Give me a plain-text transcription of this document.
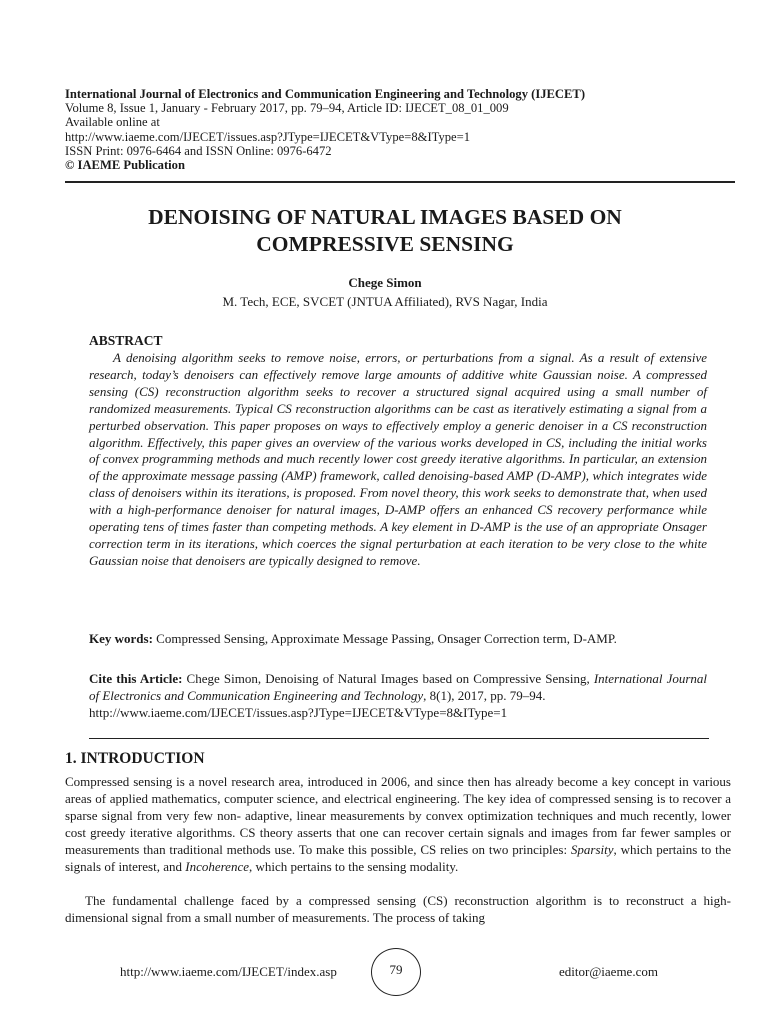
International Journal of Electronics and Communication Engineering and Technology (IJECET)
Volume 8, Issue 1, January - February 2017, pp. 79–94, Article ID: IJECET_08_01_009
Available online at
http://www.iaeme.com/IJECET/issues.asp?JType=IJECET&VType=8&IType=1
ISSN Print: 0976-6464 and ISSN Online: 0976-6472
© IAEME Publication
DENOISING OF NATURAL IMAGES BASED ON
COMPRESSIVE SENSING
Chege Simon
M. Tech, ECE, SVCET (JNTUA Affiliated), RVS Nagar, India
ABSTRACT

A denoising algorithm seeks to remove noise, errors, or perturbations from a signal. As a result of extensive research, today’s denoisers can effectively remove large amounts of additive white Gaussian noise. A compressed sensing (CS) reconstruction algorithm seeks to recover a structured signal acquired using a small number of randomized measurements. Typical CS reconstruction algorithms can be cast as iteratively estimating a signal from a perturbed observation. This paper proposes on ways to effectively employ a generic denoiser in a CS reconstruction algorithm. Effectively, this paper gives an overview of the various works developed in CS, including the initial works of convex programming methods and much recently lower cost greedy iterative algorithms. In particular, an extension of the approximate message passing (AMP) framework, called denoising-based AMP (D-AMP), which integrates wide class of denoisers within its iterations, is proposed. From novel theory, this work seeks to demonstrate that, when used with a high-performance denoiser for natural images, D-AMP offers an enhanced CS recovery performance while operating tens of times faster than competing methods. A key element in D-AMP is the use of an appropriate Onsager correction term in its iterations, which coerces the signal perturbation at each iteration to be very close to the white Gaussian noise that denoisers are typically designed to remove.

Key words: Compressed Sensing, Approximate Message Passing, Onsager Correction term, D-AMP.

Cite this Article: Chege Simon, Denoising of Natural Images based on Compressive Sensing, International Journal of Electronics and Communication Engineering and Technology, 8(1), 2017, pp. 79–94.
http://www.iaeme.com/IJECET/issues.asp?JType=IJECET&VType=8&IType=1

1. INTRODUCTION

Compressed sensing is a novel research area, introduced in 2006, and since then has already become a key concept in various areas of applied mathematics, computer science, and electrical engineering. The key idea of compressed sensing is to recover a sparse signal from very few non- adaptive, linear measurements by convex optimization techniques and much recently, lower cost greedy iterative algorithms. CS theory asserts that one can recover certain signals and images from far fewer samples or measurements than traditional methods use. To make this possible, CS relies on two principles: Sparsity, which pertains to the signals of interest, and Incoherence, which pertains to the sensing modality.

The fundamental challenge faced by a compressed sensing (CS) reconstruction algorithm is to reconstruct a high-dimensional signal from a small number of measurements. The process of taking

http://www.iaeme.com/IJECET/index.asp	79	editor@iaeme.com
